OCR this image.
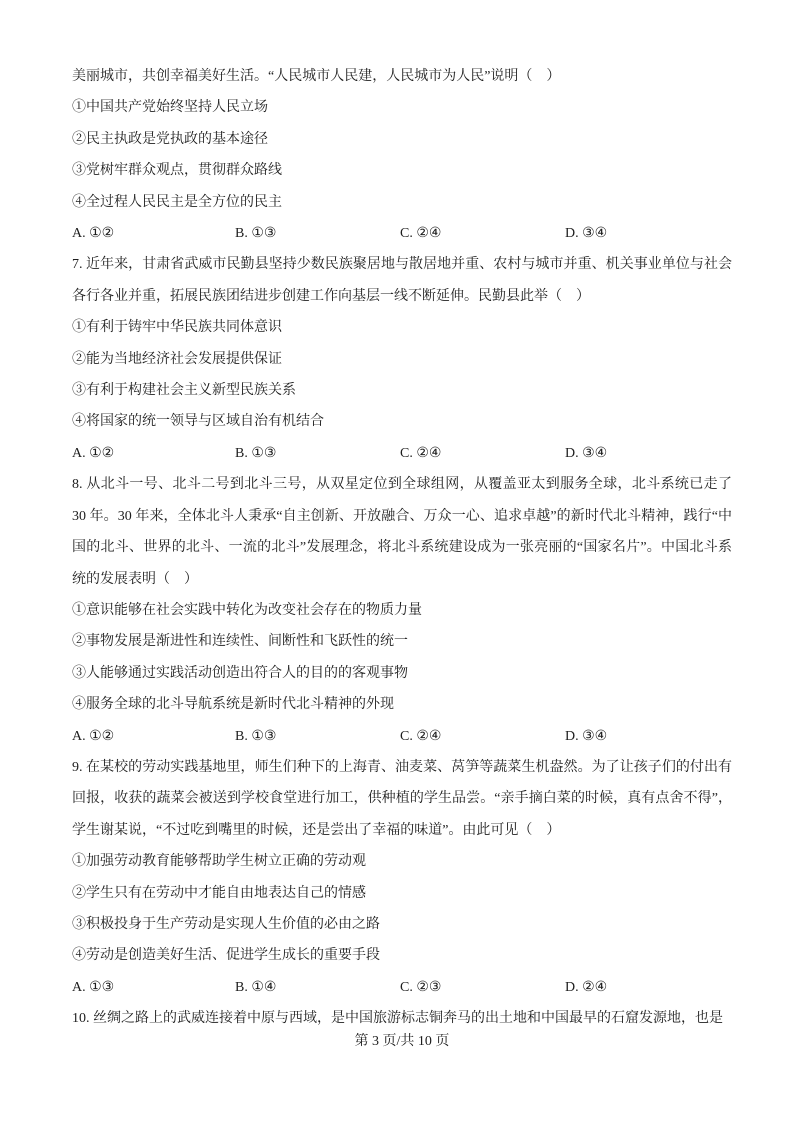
美丽城市，共创幸福美好生活。“人民城市人民建，人民城市为人民”说明（　）

①中国共产党始终坚持人民立场

②民主执政是党执政的基本途径

③党树牢群众观点，贯彻群众路线

④全过程人民民主是全方位的民主

A. ①②	B. ①③	C. ②④	D. ③④

7. 近年来，甘肃省武威市民勤县坚持少数民族聚居地与散居地并重、农村与城市并重、机关事业单位与社会各行各业并重，拓展民族团结进步创建工作向基层一线不断延伸。民勤县此举（　）

①有利于铸牢中华民族共同体意识

②能为当地经济社会发展提供保证

③有利于构建社会主义新型民族关系

④将国家的统一领导与区域自治有机结合

A. ①②	B. ①③	C. ②④	D. ③④

8. 从北斗一号、北斗二号到北斗三号，从双星定位到全球组网，从覆盖亚太到服务全球，北斗系统已走了 30 年。30 年来，全体北斗人秉承“自主创新、开放融合、万众一心、追求卓越”的新时代北斗精神，践行“中国的北斗、世界的北斗、一流的北斗”发展理念，将北斗系统建设成为一张亮丽的“国家名片”。中国北斗系统的发展表明（　）

①意识能够在社会实践中转化为改变社会存在的物质力量

②事物发展是渐进性和连续性、间断性和飞跃性的统一

③人能够通过实践活动创造出符合人的目的的客观事物

④服务全球的北斗导航系统是新时代北斗精神的外现

A. ①②	B. ①③	C. ②④	D. ③④

9. 在某校的劳动实践基地里，师生们种下的上海青、油麦菜、莴笋等蔬菜生机盎然。为了让孩子们的付出有回报，收获的蔬菜会被送到学校食堂进行加工，供种植的学生品尝。“亲手摘白菜的时候，真有点舍不得”，学生谢某说，“不过吃到嘴里的时候，还是尝出了幸福的味道”。由此可见（　）

①加强劳动教育能够帮助学生树立正确的劳动观

②学生只有在劳动中才能自由地表达自己的情感

③积极投身于生产劳动是实现人生价值的必由之路

④劳动是创造美好生活、促进学生成长的重要手段

A. ①③	B. ①④	C. ②③	D. ②④

10. 丝绸之路上的武威连接着中原与西域，是中国旅游标志铜奔马的出土地和中国最早的石窟发源地，也是

第 3 页/共 10 页
